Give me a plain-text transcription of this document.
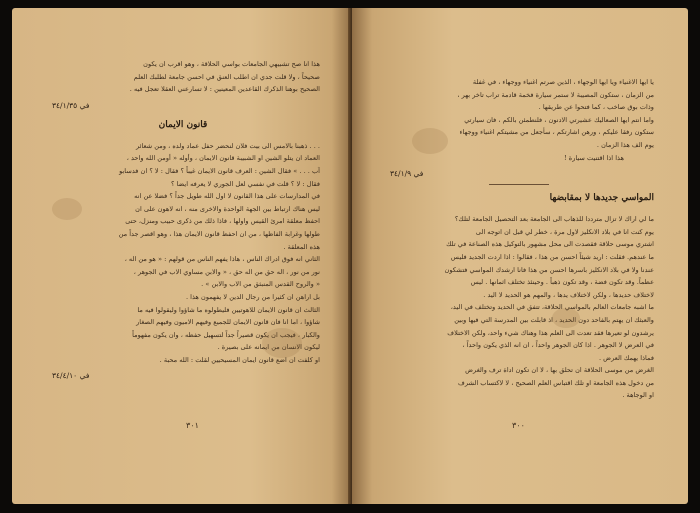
هذا انا صح تشبيهي الجامعات بواسي الحلاقة ، وهو اقرب ان يكون
صحيحاً ، ولا قلت جدي ان اطلب العنق في احسن جامعة لطلبك العلم
الصحيح بوهنا الذكرك القاعدين المعينين : لا تسارعني العقلا تعجل فيه .
في ٣٤/١/٣٥
قانون الايمان
. . . ذهبنا بالامس الى بيت فلان لنحضر حفل عماد ولده ، ومن شعائر
العماد ان يتلو الشين او الشبيبة قانون الايمان ، وأوله « أومن الله واحد ،
آب . . . » فقال الشين : العرف قانون الايمان غيباً ؟ فقال : لا ؟ ان فدسابو
فقال : لا ؟ قلت في نفسي لعل الجوري لا يعرفه ايضا ؟
في المدارسات على هذا القانون لا اول الله طويل جداً ؟ فضلا عن انه
ليس هناك ارتباط بين الجهة الواحدة والاخرى منه ، انه لاهون على ان
احفظ معلقة امرئ القيس واولها ، فاذا ذلك من ذكرى حبيب ومنزل، حتى
طولها وغرابة الفاظها ، من ان احفظ قانون الايمان هذا ، وهو اقصر جداً من
هذه المعلقة .
الثاني انه فوق ادراك الناس ، هاذا يفهم الناس من قولهم : « هو من اله ،
نور من نور ، اله حق من اله حق ، « والابن مساوي الاب في الجوهر ،
« والروح القدس المنبثق من الاب والابن » .
بل اراهن ان كثيرا من رجال الدين لا يفهمون هذا .
الثالث ان قانون الايمان للاهوتيين فليطولوه ما شاؤوا وليقولوا فيه ما
شاؤوا ، اما انا فان قانون الايمان للجميع وفيهم الاميون وفيهم الصغار
والكبار ، فيجب ان يكون قصيراً جداً لتسهيل حفظه ، وان يكون مفهوماً
ليكون الانسان من ايمانه على بصيرة .
او كلفت ان اضع قانون ايمان المسيحيين لقلت : الله محبة .
في ٣٤/٤/١٠
٣٠١
يا ايها الاغنياء ويا ايها الوجهاء ، الذين صرتم اغنياء ووجهاء ، في غفلة
من الزمان ، ستكون المصيبة لا ستمر سيارة فخمة قادمة تراب تاخر بهر ،
وذات بوق صاخب ، كما فتحوا عن طريقها .
واما انتم ايها الصعاليك عشيرتي الادنون ، فلنطمئن بالكم ، فان سيارتي
ستكون رفقا عليكم ، ورهن اشارتكم ، سأجعل من مشيتكم اغنياء ووجهاء
يوم الف هذا الزمان .
هذا اذا اقتنيت سيارة !
في ٣٤/١/٩
المواسي جديدها لا بمقابضها
ما لي اراك لا تزال مترددا للذهاب الى الجامعة بعد التحصيل الجامعة لتلك؟
يوم كنت انا في بلاد الانكليز لاول مرة ، خطر لي قبل ان اتوجه الى
اشتري موسى حلاقة فقصدت الى محل مشهور بالتوكيل هذه الصناعة في تلك
ما عندهم. فقلت : اريد شيئاً احسن من هذا ، فقالوا : اذا اردت الجديد فليس
عندنا ولا في بلاد الانكليز باسرها احسن من هذا فانا ارشدك المواسي فتشكون
عظماً. وقد تكون فضة ، وقد تكون ذهباً . وحينئذ تختلف اثمانها . ليس
لاختلاف حديدها ، ولكن لاختلاف يدها ، والمهم هو الحديد لا اليد .
ما اشبه جامعات العالم بالمواسي الحلاقة، تتفق في الحديد وتختلف في اليد،
والعبثك ان يهتم بالفاحد دون الحديد ، اذ قابلت بين المدرسة التي فيها وبين
يرشدون لو تعيرها فقد تعدت الى العلم هذا وهناك شيء واحد، ولكن الاختلاف
في العرض لا الجوهر . اذا كان الجوهر واحداً ، ان انه الذي يكون واحداً ،
فماذا يهمك العرض .
الغرض من موسى الحلاقة ان تحلق بها ، لا ان تكون اداة ترف والغرض
من دخول هذه الجامعة او تلك اقتباس العلم الصحيح ، لا لاكتساب الشرف
او الوجاهة .
٣٠٠
